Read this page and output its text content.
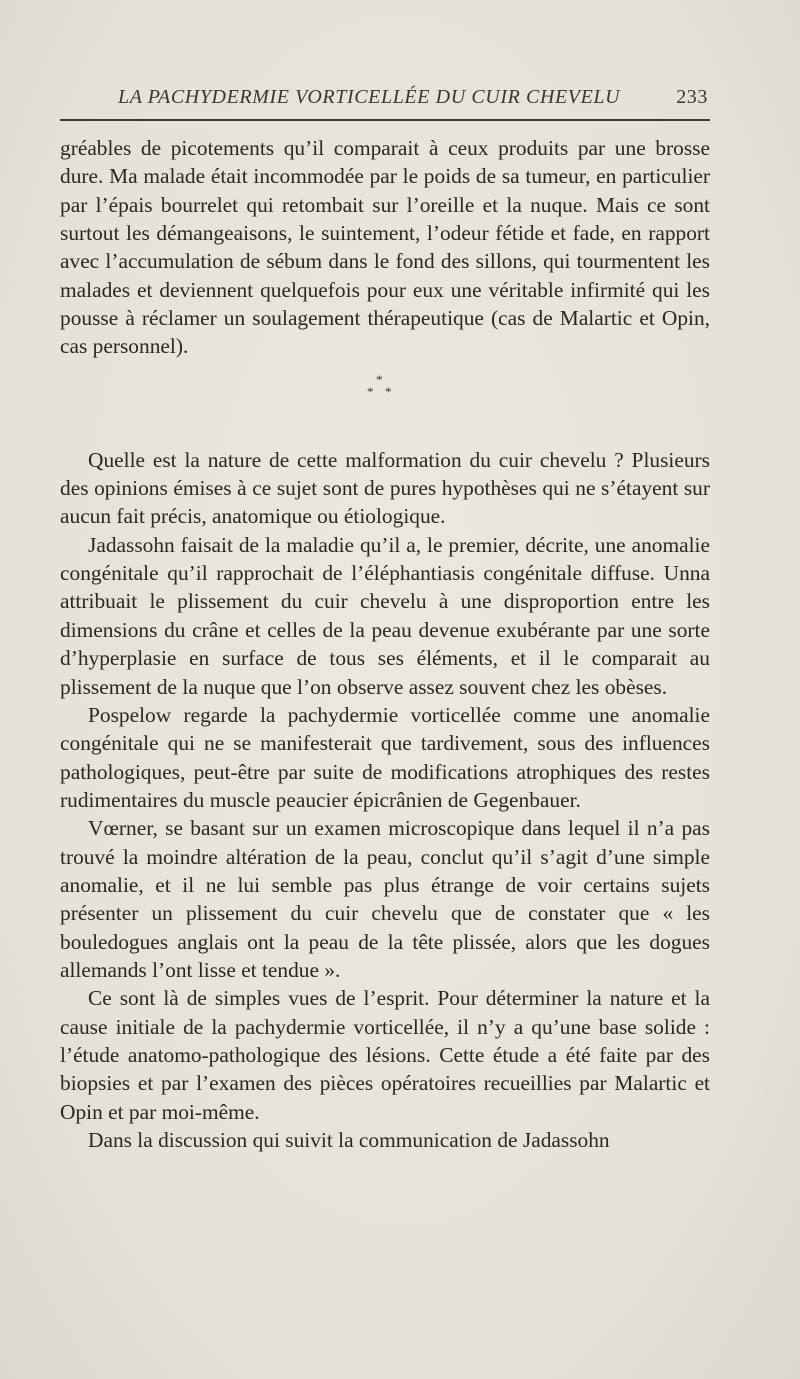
LA PACHYDERMIE VORTICELLÉE DU CUIR CHEVELU	233

gréables de picotements qu’il comparait à ceux produits par une brosse dure. Ma malade était incommodée par le poids de sa tumeur, en particulier par l’épais bourrelet qui retombait sur l’oreille et la nuque. Mais ce sont surtout les démangeaisons, le suintement, l’odeur fétide et fade, en rapport avec l’accumulation de sébum dans le fond des sillons, qui tourmentent les malades et deviennent quelquefois pour eux une véritable infirmité qui les pousse à réclamer un soulagement thérapeutique (cas de Malartic et Opin, cas personnel).

*
* *

Quelle est la nature de cette malformation du cuir chevelu ? Plusieurs des opinions émises à ce sujet sont de pures hypothèses qui ne s’étayent sur aucun fait précis, anatomique ou étiologique.

Jadassohn faisait de la maladie qu’il a, le premier, décrite, une anomalie congénitale qu’il rapprochait de l’éléphantiasis congénitale diffuse. Unna attribuait le plissement du cuir chevelu à une disproportion entre les dimensions du crâne et celles de la peau devenue exubérante par une sorte d’hyperplasie en surface de tous ses éléments, et il le comparait au plissement de la nuque que l’on observe assez souvent chez les obèses.

Pospelow regarde la pachydermie vorticellée comme une anomalie congénitale qui ne se manifesterait que tardivement, sous des influences pathologiques, peut-être par suite de modifications atrophiques des restes rudimentaires du muscle peaucier épicrânien de Gegenbauer.

Vœrner, se basant sur un examen microscopique dans lequel il n’a pas trouvé la moindre altération de la peau, conclut qu’il s’agit d’une simple anomalie, et il ne lui semble pas plus étrange de voir certains sujets présenter un plissement du cuir chevelu que de constater que « les bouledogues anglais ont la peau de la tête plissée, alors que les dogues allemands l’ont lisse et tendue ».

Ce sont là de simples vues de l’esprit. Pour déterminer la nature et la cause initiale de la pachydermie vorticellée, il n’y a qu’une base solide : l’étude anatomo-pathologique des lésions. Cette étude a été faite par des biopsies et par l’examen des pièces opératoires recueillies par Malartic et Opin et par moi-même.

Dans la discussion qui suivit la communication de Jadassohn
